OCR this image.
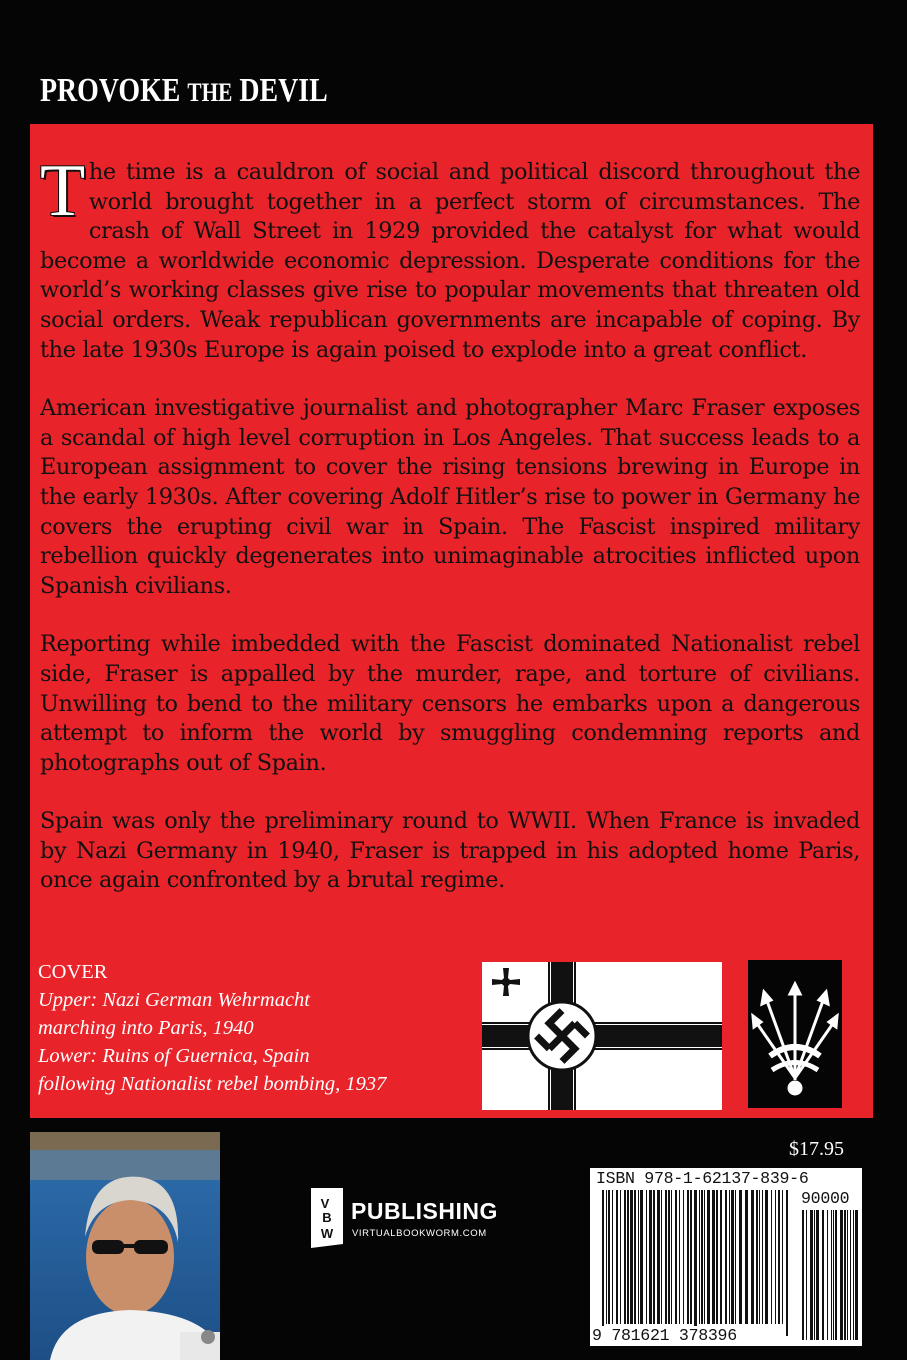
PROVOKE THE DEVIL

The time is a cauldron of social and political discord throughout the world brought together in a perfect storm of circumstances. The crash of Wall Street in 1929 provided the catalyst for what would become a worldwide economic depression. Desperate conditions for the world’s working classes give rise to popular movements that threaten old social orders. Weak republican governments are incapable of coping. By the late 1930s Europe is again poised to explode into a great conflict.

American investigative journalist and photographer Marc Fraser exposes a scandal of high level corruption in Los Angeles. That success leads to a European assignment to cover the rising tensions brewing in Europe in the early 1930s. After covering Adolf Hitler’s rise to power in Germany he covers the erupting civil war in Spain. The Fascist inspired military rebellion quickly degenerates into unimaginable atrocities inflicted upon Spanish civilians.

Reporting while imbedded with the Fascist dominated Nationalist rebel side, Fraser is appalled by the murder, rape, and torture of civilians. Unwilling to bend to the military censors he embarks upon a dangerous attempt to inform the world by smuggling condemning reports and photographs out of Spain.

Spain was only the preliminary round to WWII. When France is invaded by Nazi Germany in 1940, Fraser is trapped in his adopted home Paris, once again confronted by a brutal regime.

COVER
Upper: Nazi German Wehrmacht
marching into Paris, 1940
Lower: Ruins of Guernica, Spain
following Nationalist rebel bombing, 1937
V
B
W
PUBLISHING
VIRTUALBOOKWORM.COM
$17.95
ISBN 978-1-62137-839-6
90000
9 781621 378396
